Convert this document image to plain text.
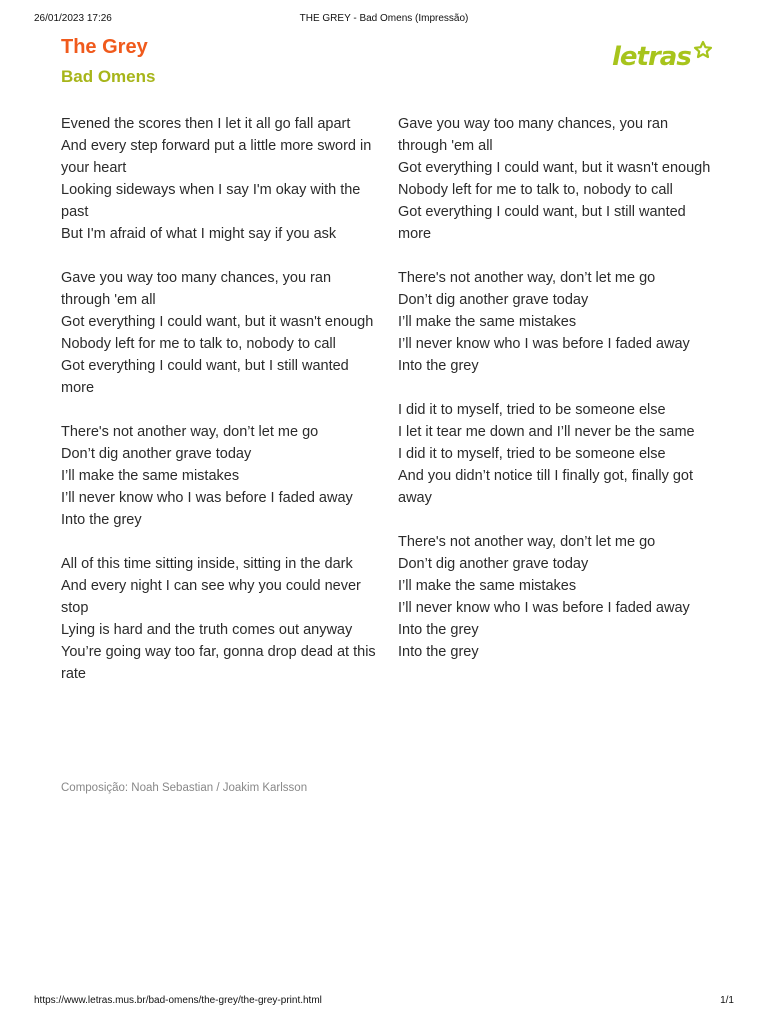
26/01/2023 17:26	THE GREY - Bad Omens (Impressão)
The Grey
Bad Omens
letras
Evened the scores then I let it all go fall apart
And every step forward put a little more sword in your heart
Looking sideways when I say I'm okay with the past
But I'm afraid of what I might say if you ask
Gave you way too many chances, you ran through 'em all
Got everything I could want, but it wasn't enough
Nobody left for me to talk to, nobody to call
Got everything I could want, but I still wanted more
There's not another way, don’t let me go
Don’t dig another grave today
I’ll make the same mistakes
I’ll never know who I was before I faded away
Into the grey
All of this time sitting inside, sitting in the dark
And every night I can see why you could never stop
Lying is hard and the truth comes out anyway
You’re going way too far, gonna drop dead at this rate
Gave you way too many chances, you ran through 'em all
Got everything I could want, but it wasn't enough
Nobody left for me to talk to, nobody to call
Got everything I could want, but I still wanted more
There's not another way, don’t let me go
Don’t dig another grave today
I’ll make the same mistakes
I’ll never know who I was before I faded away
Into the grey
I did it to myself, tried to be someone else
I let it tear me down and I’ll never be the same
I did it to myself, tried to be someone else
And you didn’t notice till I finally got, finally got away
There's not another way, don’t let me go
Don’t dig another grave today
I’ll make the same mistakes
I’ll never know who I was before I faded away
Into the grey
Into the grey
Composição: Noah Sebastian / Joakim Karlsson
https://www.letras.mus.br/bad-omens/the-grey/the-grey-print.html	1/1
